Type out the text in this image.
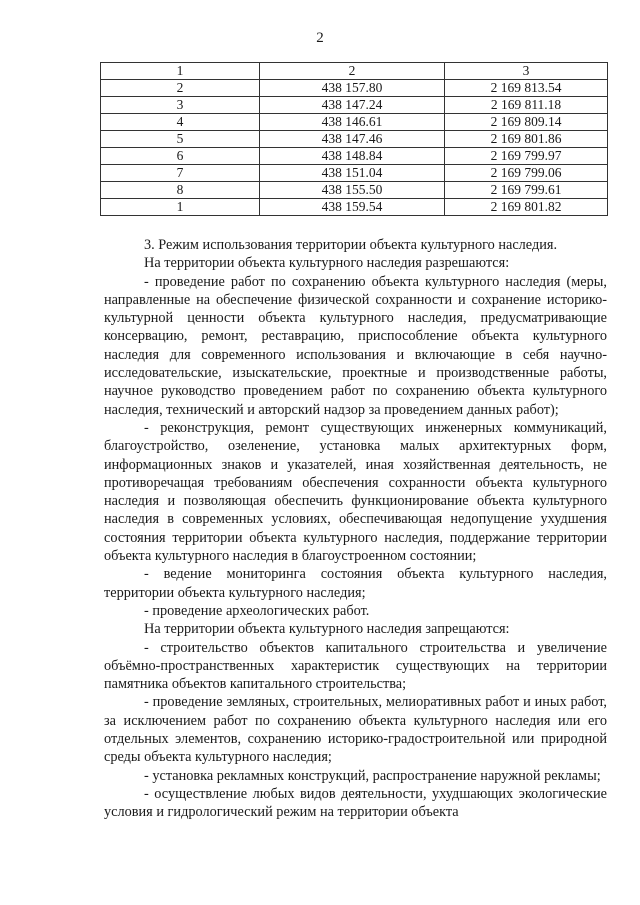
2
1	2	3
2	438 157.80	2 169 813.54
3	438 147.24	2 169 811.18
4	438 146.61	2 169 809.14
5	438 147.46	2 169 801.86
6	438 148.84	2 169 799.97
7	438 151.04	2 169 799.06
8	438 155.50	2 169 799.61
1	438 159.54	2 169 801.82

3. Режим использования территории объекта культурного наследия.

На территории объекта культурного наследия разрешаются:

- проведение работ по сохранению объекта культурного наследия (меры, направленные на обеспечение физической сохранности и сохранение историко-культурной ценности объекта культурного наследия, предусматривающие консервацию, ремонт, реставрацию, приспособление объекта культурного наследия для современного использования и включающие в себя научно-исследовательские, изыскательские, проектные и производственные работы, научное руководство проведением работ по сохранению объекта культурного наследия, технический и авторский надзор за проведением данных работ);

- реконструкция, ремонт существующих инженерных коммуникаций, благоустройство, озеленение, установка малых архитектурных форм, информационных знаков и указателей, иная хозяйственная деятельность, не противоречащая требованиям обеспечения сохранности объекта культурного наследия и позволяющая обеспечить функционирование объекта культурного наследия в современных условиях, обеспечивающая недопущение ухудшения состояния территории объекта культурного наследия, поддержание территории объекта культурного наследия в благоустроенном состоянии;

- ведение мониторинга состояния объекта культурного наследия, территории объекта культурного наследия;

- проведение археологических работ.

На территории объекта культурного наследия запрещаются:

- строительство объектов капитального строительства и увеличение объёмно-пространственных характеристик существующих на территории памятника объектов капитального строительства;

- проведение земляных, строительных, мелиоративных работ и иных работ, за исключением работ по сохранению объекта культурного наследия или его отдельных элементов, сохранению историко-градостроительной или природной среды объекта культурного наследия;

- установка рекламных конструкций, распространение наружной рекламы;

- осуществление любых видов деятельности, ухудшающих экологические условия и гидрологический режим на территории объекта
